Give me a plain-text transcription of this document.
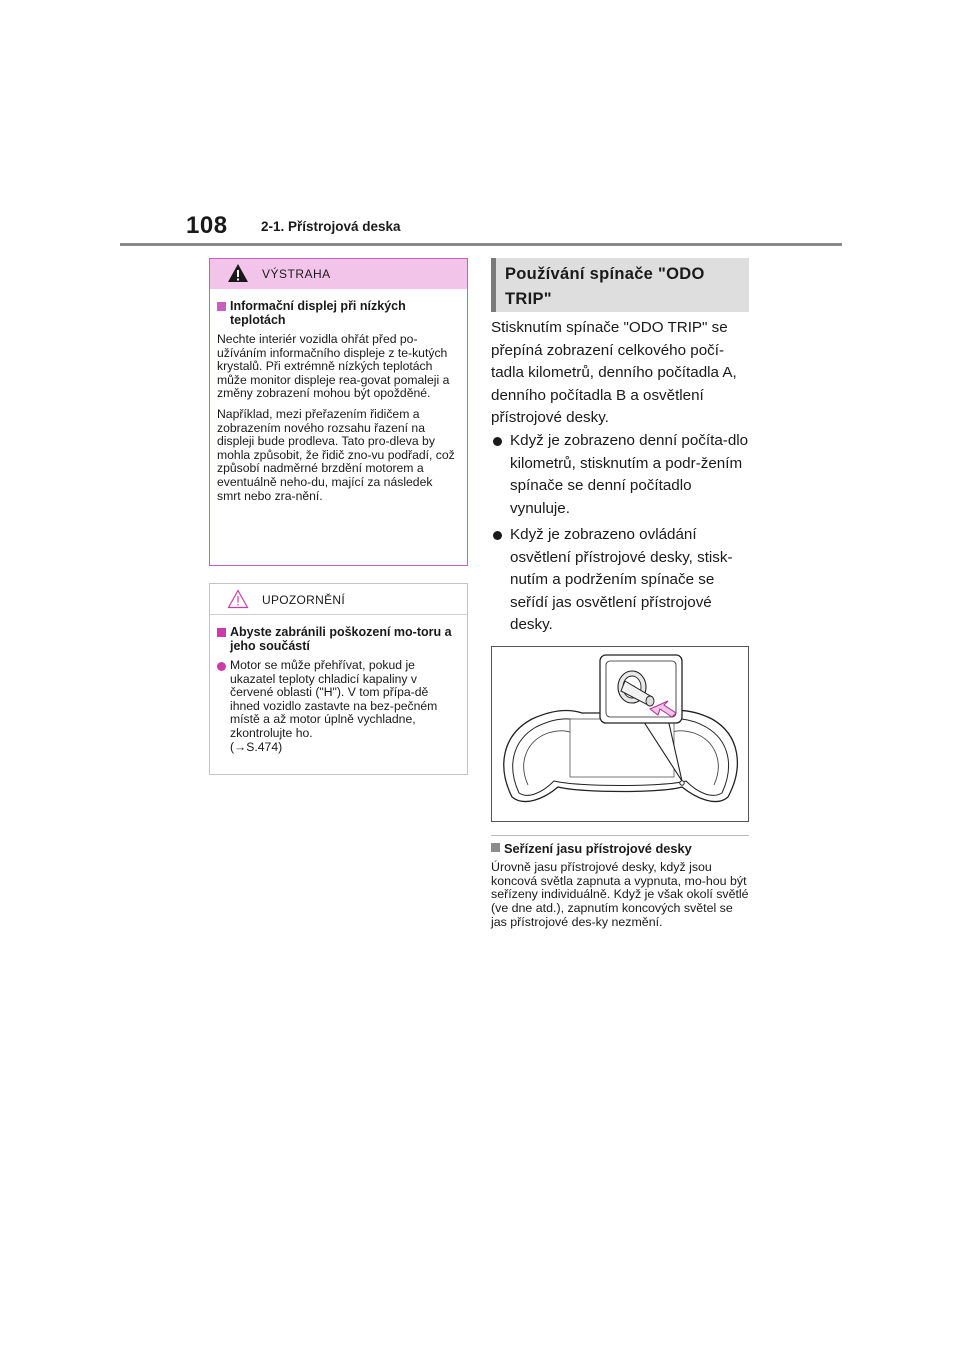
108 2-1. Přístrojová deska
VÝSTRAHA
Informační displej při nízkých teplotách

Nechte interiér vozidla ohřát před po-užíváním informačního displeje z te-kutých krystalů. Při extrémně nízkých teplotách může monitor displeje rea-govat pomaleji a změny zobrazení mohou být opožděné.

Například, mezi přeřazením řidičem a zobrazením nového rozsahu řazení na displeji bude prodleva. Tato pro-dleva by mohla způsobit, že řidič zno-vu podřadí, což způsobí nadměrné brzdění motorem a eventuálně neho-du, mající za následek smrt nebo zra-nění.

UPOZORNĚNÍ
Abyste zabránili poškození mo-toru a jeho součástí
Motor se může přehřívat, pokud je ukazatel teploty chladicí kapaliny v červené oblasti ("H"). V tom přípa-dě ihned vozidlo zastavte na bez-pečném místě a až motor úplně vychladne, zkontrolujte ho.
(→S.474)
Používání spínače "ODO TRIP"
Stisknutím spínače "ODO TRIP" se přepíná zobrazení celkového počí-tadla kilometrů, denního počítadla A, denního počítadla B a osvětlení přístrojové desky.
Když je zobrazeno denní počíta-dlo kilometrů, stisknutím a podr-žením spínače se denní počítadlo vynuluje.
Když je zobrazeno ovládání osvětlení přístrojové desky, stisk-nutím a podržením spínače se seřídí jas osvětlení přístrojové desky.
Seřízení jasu přístrojové desky
Úrovně jasu přístrojové desky, když jsou koncová světla zapnuta a vypnuta, mo-hou být seřízeny individuálně. Když je však okolí světlé (ve dne atd.), zapnutím koncových světel se jas přístrojové des-ky nezmění.
